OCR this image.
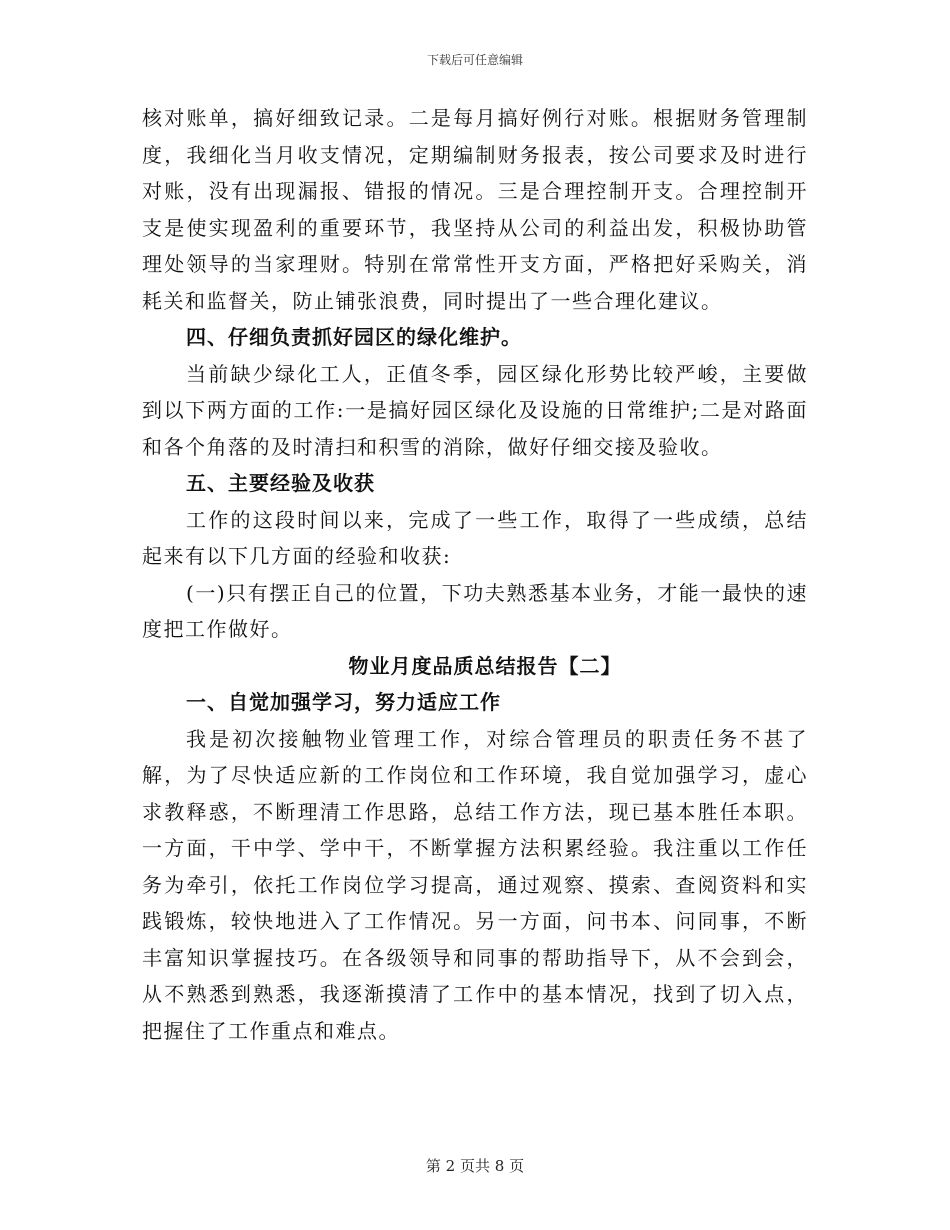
下载后可任意编辑

核对账单，搞好细致记录。二是每月搞好例行对账。根据财务管理制度，我细化当月收支情况，定期编制财务报表，按公司要求及时进行对账，没有出现漏报、错报的情况。三是合理控制开支。合理控制开支是使实现盈利的重要环节，我坚持从公司的利益出发，积极协助管理处领导的当家理财。特别在常常性开支方面，严格把好采购关，消耗关和监督关，防止铺张浪费，同时提出了一些合理化建议。

四、仔细负责抓好园区的绿化维护。

当前缺少绿化工人，正值冬季，园区绿化形势比较严峻，主要做到以下两方面的工作:一是搞好园区绿化及设施的日常维护;二是对路面和各个角落的及时清扫和积雪的消除，做好仔细交接及验收。

五、主要经验及收获

工作的这段时间以来，完成了一些工作，取得了一些成绩，总结起来有以下几方面的经验和收获:

(一)只有摆正自己的位置，下功夫熟悉基本业务，才能一最快的速度把工作做好。

物业月度品质总结报告【二】

一、自觉加强学习，努力适应工作

我是初次接触物业管理工作，对综合管理员的职责任务不甚了解，为了尽快适应新的工作岗位和工作环境，我自觉加强学习，虚心求教释惑，不断理清工作思路，总结工作方法，现已基本胜任本职。一方面，干中学、学中干，不断掌握方法积累经验。我注重以工作任务为牵引，依托工作岗位学习提高，通过观察、摸索、查阅资料和实践锻炼，较快地进入了工作情况。另一方面，问书本、问同事，不断丰富知识掌握技巧。在各级领导和同事的帮助指导下，从不会到会，从不熟悉到熟悉，我逐渐摸清了工作中的基本情况，找到了切入点，把握住了工作重点和难点。

第 2 页共 8 页
